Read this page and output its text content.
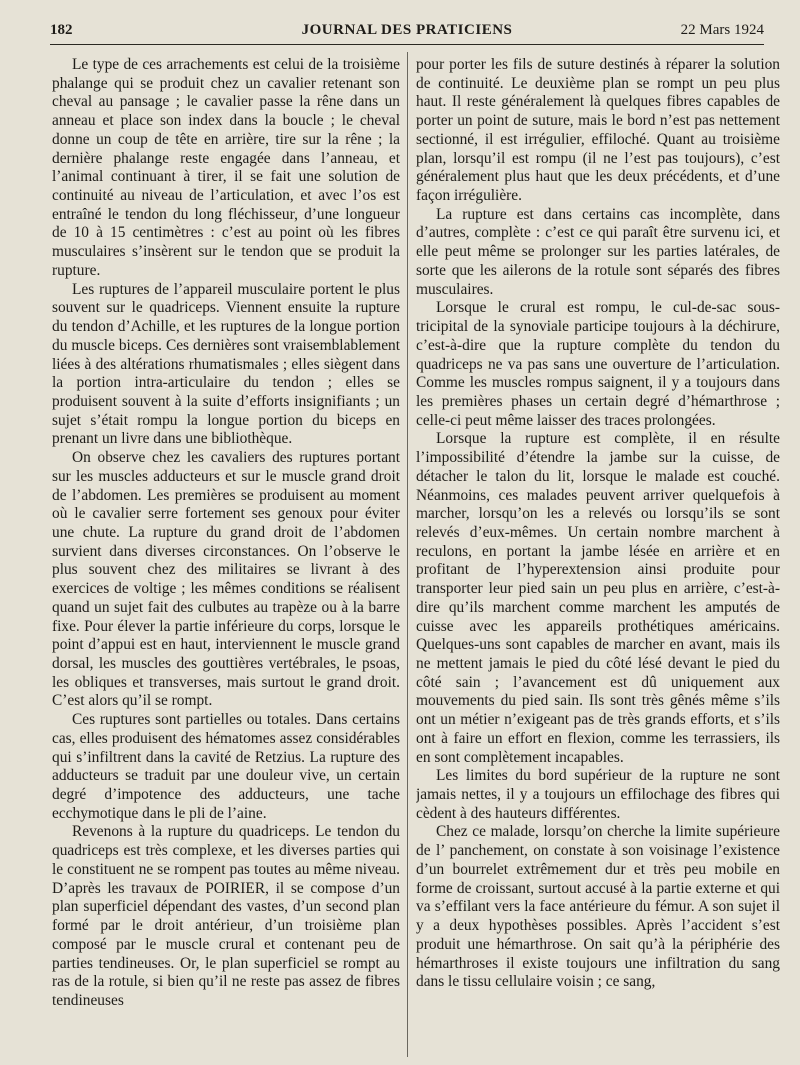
182	JOURNAL DES PRATICIENS	22 Mars 1924

Le type de ces arrachements est celui de la troisième phalange qui se produit chez un cavalier retenant son cheval au pansage ; le cavalier passe la rêne dans un anneau et place son index dans la boucle ; le cheval donne un coup de tête en arrière, tire sur la rêne ; la dernière phalange reste engagée dans l’anneau, et l’animal continuant à tirer, il se fait une solution de continuité au niveau de l’articulation, et avec l’os est entraîné le tendon du long fléchisseur, d’une longueur de 10 à 15 centimètres : c’est au point où les fibres musculaires s’insèrent sur le tendon que se produit la rupture.

Les ruptures de l’appareil musculaire portent le plus souvent sur le quadriceps. Viennent ensuite la rupture du tendon d’Achille, et les ruptures de la longue portion du muscle biceps. Ces dernières sont vraisemblablement liées à des altérations rhumatismales ; elles siègent dans la portion intra-articulaire du tendon ; elles se produisent souvent à la suite d’efforts insignifiants ; un sujet s’était rompu la longue portion du biceps en prenant un livre dans une bibliothèque.

On observe chez les cavaliers des ruptures portant sur les muscles adducteurs et sur le muscle grand droit de l’abdomen. Les premières se produisent au moment où le cavalier serre fortement ses genoux pour éviter une chute. La rupture du grand droit de l’abdomen survient dans diverses circonstances. On l’observe le plus souvent chez des militaires se livrant à des exercices de voltige ; les mêmes conditions se réalisent quand un sujet fait des culbutes au trapèze ou à la barre fixe. Pour élever la partie inférieure du corps, lorsque le point d’appui est en haut, interviennent le muscle grand dorsal, les muscles des gouttières vertébrales, le psoas, les obliques et transverses, mais surtout le grand droit. C’est alors qu’il se rompt.

Ces ruptures sont partielles ou totales. Dans certains cas, elles produisent des hématomes assez considérables qui s’infiltrent dans la cavité de Retzius. La rupture des adducteurs se traduit par une douleur vive, un certain degré d’impotence des adducteurs, une tache ecchymotique dans le pli de l’aine.

Revenons à la rupture du quadriceps. Le tendon du quadriceps est très complexe, et les diverses parties qui le constituent ne se rompent pas toutes au même niveau. D’après les travaux de POIRIER, il se compose d’un plan superficiel dépendant des vastes, d’un second plan formé par le droit antérieur, d’un troisième plan composé par le muscle crural et contenant peu de parties tendineuses. Or, le plan superficiel se rompt au ras de la rotule, si bien qu’il ne reste pas assez de fibres tendineuses

pour porter les fils de suture destinés à réparer la solution de continuité. Le deuxième plan se rompt un peu plus haut. Il reste généralement là quelques fibres capables de porter un point de suture, mais le bord n’est pas nettement sectionné, il est irrégulier, effiloché. Quant au troisième plan, lorsqu’il est rompu (il ne l’est pas toujours), c’est généralement plus haut que les deux précédents, et d’une façon irrégulière.

La rupture est dans certains cas incomplète, dans d’autres, complète : c’est ce qui paraît être survenu ici, et elle peut même se prolonger sur les parties latérales, de sorte que les ailerons de la rotule sont séparés des fibres musculaires.

Lorsque le crural est rompu, le cul-de-sac sous-tricipital de la synoviale participe toujours à la déchirure, c’est-à-dire que la rupture complète du tendon du quadriceps ne va pas sans une ouverture de l’articulation. Comme les muscles rompus saignent, il y a toujours dans les premières phases un certain degré d’hémarthrose ; celle-ci peut même laisser des traces prolongées.

Lorsque la rupture est complète, il en résulte l’impossibilité d’étendre la jambe sur la cuisse, de détacher le talon du lit, lorsque le malade est couché. Néanmoins, ces malades peuvent arriver quelquefois à marcher, lorsqu’on les a relevés ou lorsqu’ils se sont relevés d’eux-mêmes. Un certain nombre marchent à reculons, en portant la jambe lésée en arrière et en profitant de l’hyperextension ainsi produite pour transporter leur pied sain un peu plus en arrière, c’est-à-dire qu’ils marchent comme marchent les amputés de cuisse avec les appareils prothétiques américains. Quelques-uns sont capables de marcher en avant, mais ils ne mettent jamais le pied du côté lésé devant le pied du côté sain ; l’avancement est dû uniquement aux mouvements du pied sain. Ils sont très gênés même s’ils ont un métier n’exigeant pas de très grands efforts, et s’ils ont à faire un effort en flexion, comme les terrassiers, ils en sont complètement incapables.

Les limites du bord supérieur de la rupture ne sont jamais nettes, il y a toujours un effilochage des fibres qui cèdent à des hauteurs différentes.

Chez ce malade, lorsqu’on cherche la limite supérieure de l’ panchement, on constate à son voisinage l’existence d’un bourrelet extrêmement dur et très peu mobile en forme de croissant, surtout accusé à la partie externe et qui va s’effilant vers la face antérieure du fémur. A son sujet il y a deux hypothèses possibles. Après l’accident s’est produit une hémarthrose. On sait qu’à la périphérie des hémarthroses il existe toujours une infiltration du sang dans le tissu cellulaire voisin ; ce sang,
